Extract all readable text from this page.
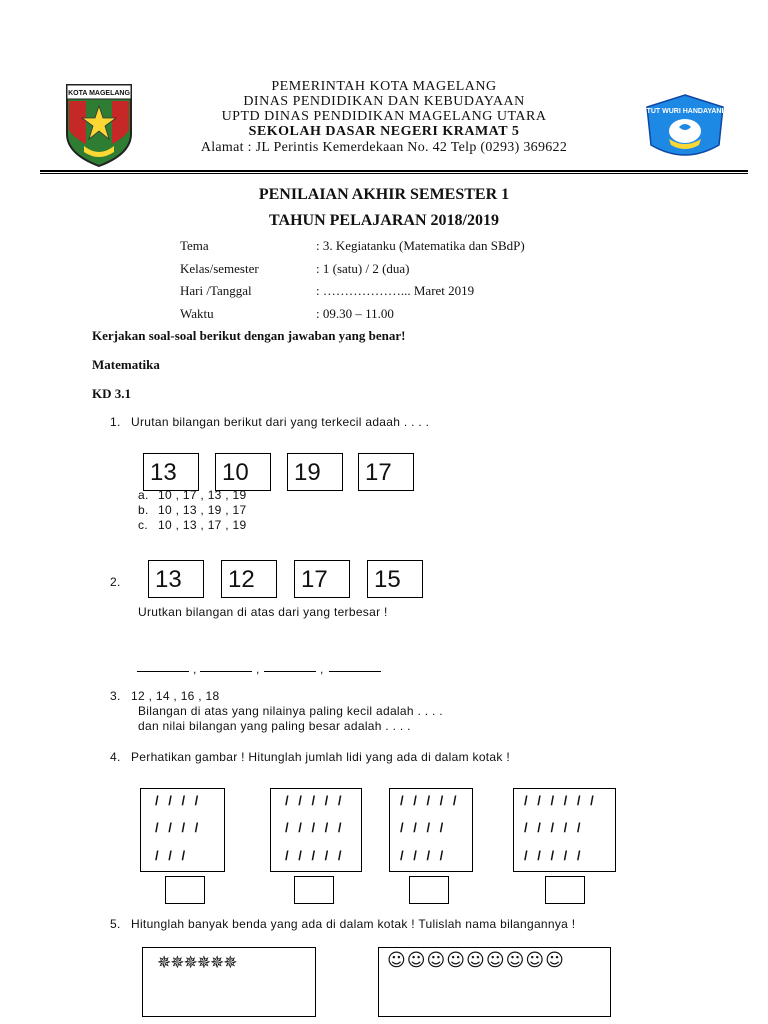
KOTA MAGELANG
TUT WURI HANDAYANI
PEMERINTAH KOTA MAGELANG
DINAS PENDIDIKAN DAN KEBUDAYAAN
UPTD DINAS PENDIDIKAN MAGELANG UTARA
SEKOLAH DASAR NEGERI KRAMAT 5
Alamat : JL Perintis Kemerdekaan No. 42 Telp (0293) 369622
PENILAIAN AKHIR SEMESTER 1
TAHUN PELAJARAN 2018/2019
Tema	: 3. Kegiatanku (Matematika dan SBdP)
Kelas/semester	: 1 (satu) / 2 (dua)
Hari /Tanggal	: ………………... Maret 2019
Waktu	: 09.30 – 11.00
Kerjakan soal-soal berikut dengan jawaban yang benar!
Matematika
KD 3.1
1. Urutan bilangan berikut dari yang terkecil adaah . . . .
13	10	19	17
a. 10 , 17 , 13 , 19
b. 10 , 13 , 19 , 17
c. 10 , 13 , 17 , 19
2. 13	12	17	15
Urutkan bilangan di atas dari yang terbesar !
,	,	,
3. 12 , 14 , 16 , 18
Bilangan di atas yang nilainya paling kecil adalah . . . .
dan nilai bilangan yang paling besar adalah . . . .
4. Perhatikan gambar ! Hitunglah jumlah lidi yang ada di dalam kotak !
/ / / /
/ / / /
/ / /
/ / / / /
/ / / / /
/ / / / /
/ / / / /
/ / / /
/ / / /
/ / / / / /
/ / / / /
/ / / / /
5. Hitunglah banyak benda yang ada di dalam kotak ! Tulislah nama bilangannya !
✵✵✵✵✵✵	☺☺☺☺☺☺☺☺☺
